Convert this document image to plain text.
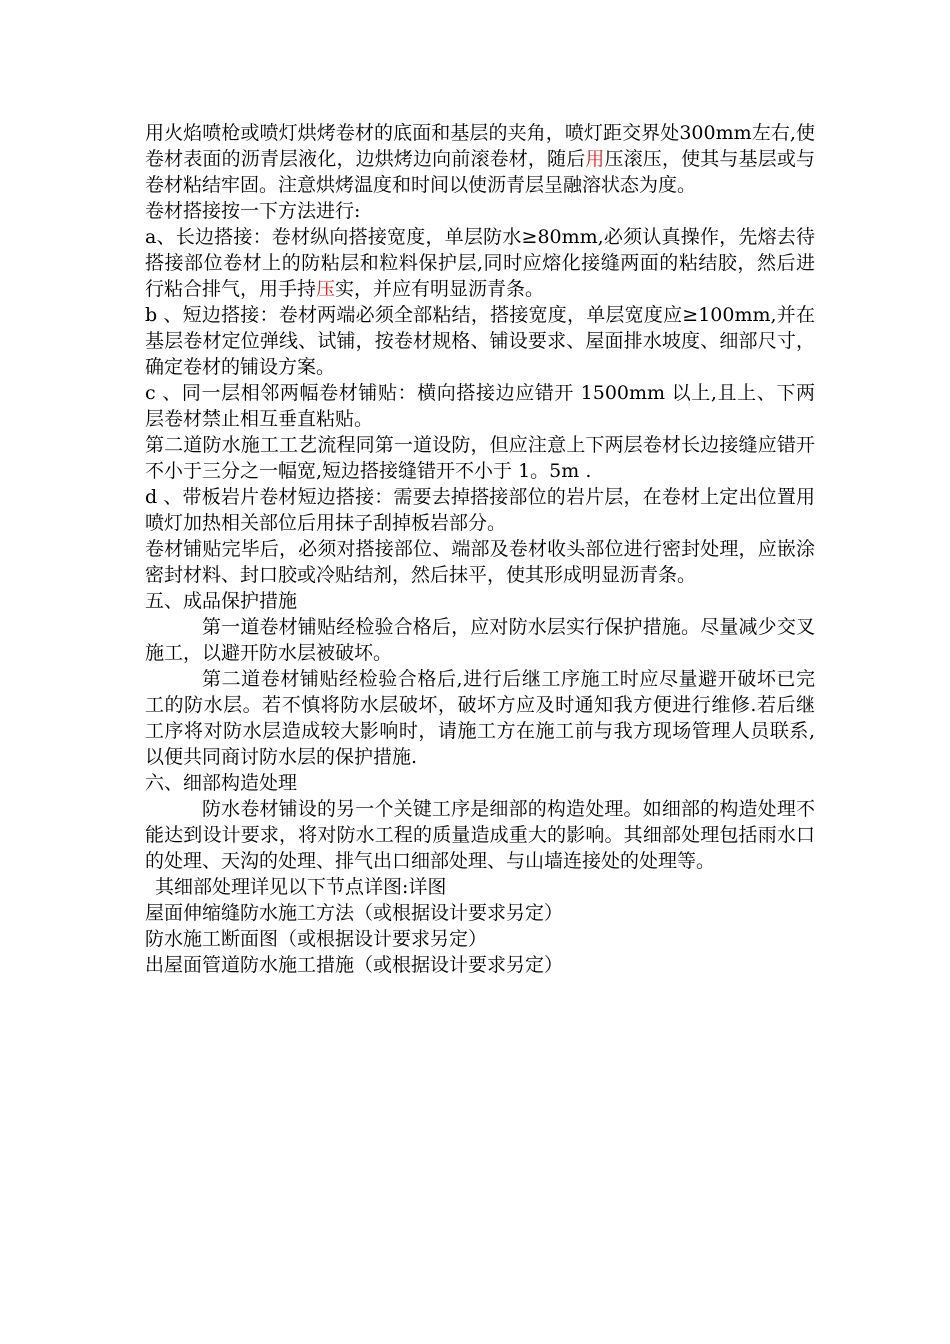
用火焰喷枪或喷灯烘烤卷材的底面和基层的夹角，喷灯距交界处300mm左右,使卷材表面的沥青层液化，边烘烤边向前滚卷材，随后用压滚压，使其与基层或与卷材粘结牢固。注意烘烤温度和时间以使沥青层呈融溶状态为度。

卷材搭接按一下方法进行:

a、长边搭接：卷材纵向搭接宽度，单层防水≥80mm,必须认真操作，先熔去待搭接部位卷材上的防粘层和粒料保护层,同时应熔化接缝两面的粘结胶，然后进行粘合排气，用手持压实，并应有明显沥青条。

b 、短边搭接：卷材两端必须全部粘结，搭接宽度，单层宽度应≥100mm,并在基层卷材定位弹线、试铺，按卷材规格、铺设要求、屋面排水坡度、细部尺寸，确定卷材的铺设方案。

c 、同一层相邻两幅卷材铺贴：横向搭接边应错开 1500mm 以上,且上、下两层卷材禁止相互垂直粘贴。

第二道防水施工工艺流程同第一道设防，但应注意上下两层卷材长边接缝应错开不小于三分之一幅宽,短边搭接缝错开不小于 1。5m .

d 、带板岩片卷材短边搭接：需要去掉搭接部位的岩片层，在卷材上定出位置用喷灯加热相关部位后用抹子刮掉板岩部分。

卷材铺贴完毕后，必须对搭接部位、端部及卷材收头部位进行密封处理，应嵌涂密封材料、封口胶或冷贴结剂，然后抹平，使其形成明显沥青条。

五、成品保护措施

第一道卷材铺贴经检验合格后，应对防水层实行保护措施。尽量减少交叉施工，以避开防水层被破坏。

第二道卷材铺贴经检验合格后,进行后继工序施工时应尽量避开破坏已完工的防水层。若不慎将防水层破坏，破坏方应及时通知我方便进行维修.若后继工序将对防水层造成较大影响时，请施工方在施工前与我方现场管理人员联系,以便共同商讨防水层的保护措施.

六、细部构造处理

防水卷材铺设的另一个关键工序是细部的构造处理。如细部的构造处理不能达到设计要求，将对防水工程的质量造成重大的影响。其细部处理包括雨水口的处理、天沟的处理、排气出口细部处理、与山墙连接处的处理等。

其细部处理详见以下节点详图:详图

屋面伸缩缝防水施工方法（或根据设计要求另定）

防水施工断面图（或根据设计要求另定）

出屋面管道防水施工措施（或根据设计要求另定）
